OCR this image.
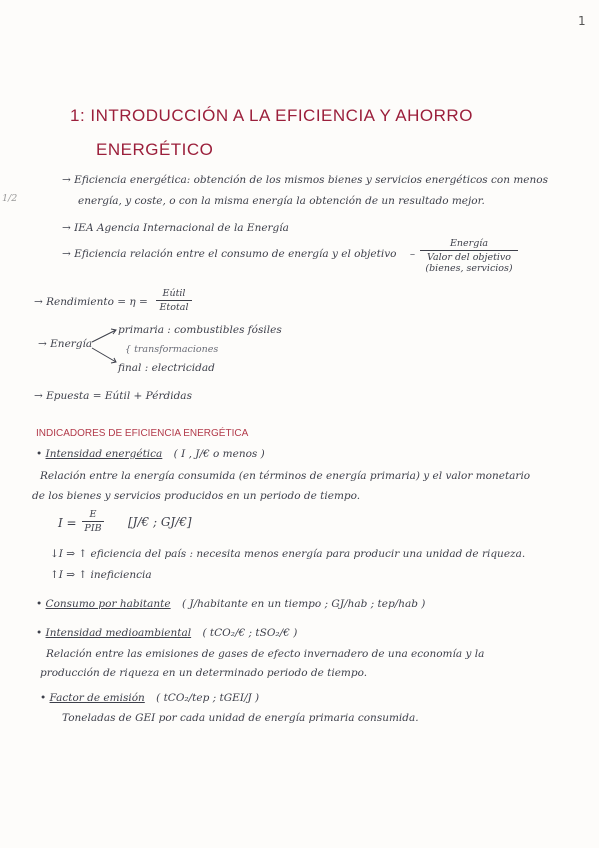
1
1/2
1: INTRODUCCIÓN A LA EFICIENCIA Y AHORRO
ENERGÉTICO
→ Eficiencia energética: obtención de los mismos bienes y servicios energéticos con menos
energía, y coste, o con la misma energía la obtención de un resultado mejor.
→ IEA Agencia Internacional de la Energía
→ Eficiencia relación entre el consumo de energía y el objetivo –
Energía
Valor del objetivo
(bienes, servicios)
→ Rendimiento = η =
Eútil
Etotal
→ Energía
primaria : combustibles fósiles
{ transformaciones
final : electricidad
→ Epuesta = Eútil + Pérdidas
INDICADORES DE EFICIENCIA ENERGÉTICA
• Intensidad energética ( I , J/€ o menos )
Relación entre la energía consumida (en términos de energía primaria) y el valor monetario
de los bienes y servicios producidos en un periodo de tiempo.
I =
E
PIB [J/€ ; GJ/€]
↓I ⇒ ↑ eficiencia del país : necesita menos energía para producir una unidad de riqueza.
↑I ⇒ ↑ ineficiencia
• Consumo por habitante ( J/habitante en un tiempo ; GJ/hab ; tep/hab )
• Intensidad medioambiental ( tCO₂/€ ; tSO₂/€ )
Relación entre las emisiones de gases de efecto invernadero de una economía y la
producción de riqueza en un determinado periodo de tiempo.
• Factor de emisión ( tCO₂/tep ; tGEI/J )
Toneladas de GEI por cada unidad de energía primaria consumida.
